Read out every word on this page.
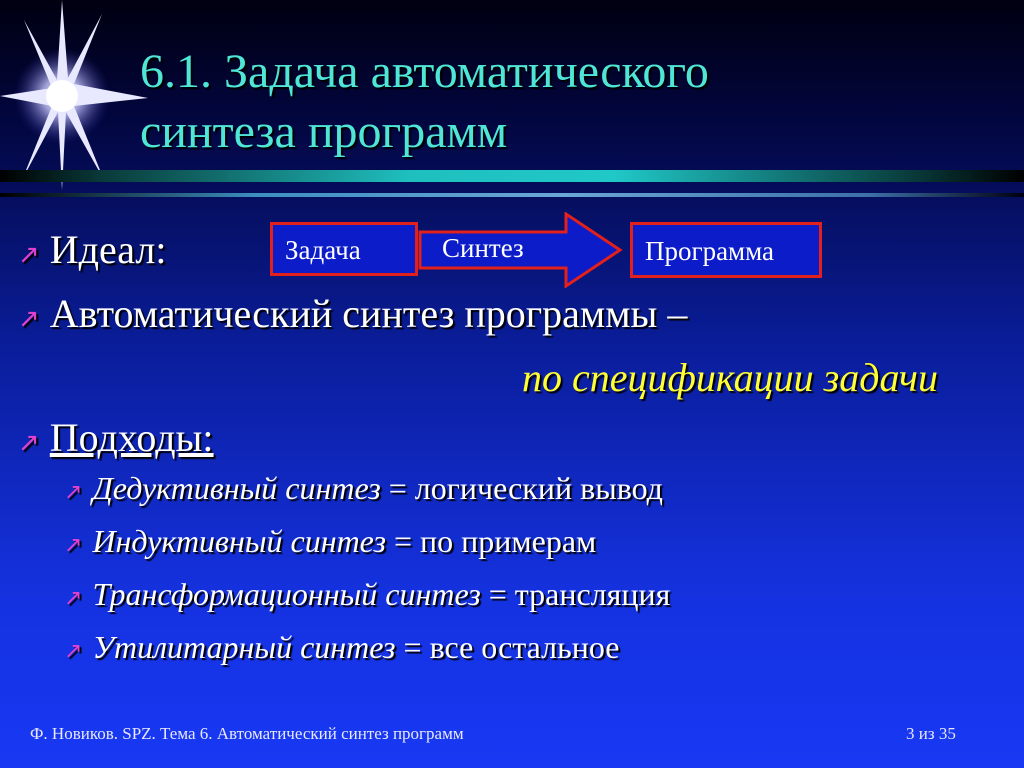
6.1. Задача автоматического
синтеза программ
↗ Идеал:	Задача	Синтез	Программа
↗ Автоматический синтез программы –
по спецификации задачи
↗ Подходы:
↗ Дедуктивный синтез = логический вывод
↗ Индуктивный синтез = по примерам
↗ Трансформационный синтез = трансляция
↗ Утилитарный синтез = все остальное
Ф. Новиков. SPZ. Тема 6. Автоматический синтез программ	3 из 35
